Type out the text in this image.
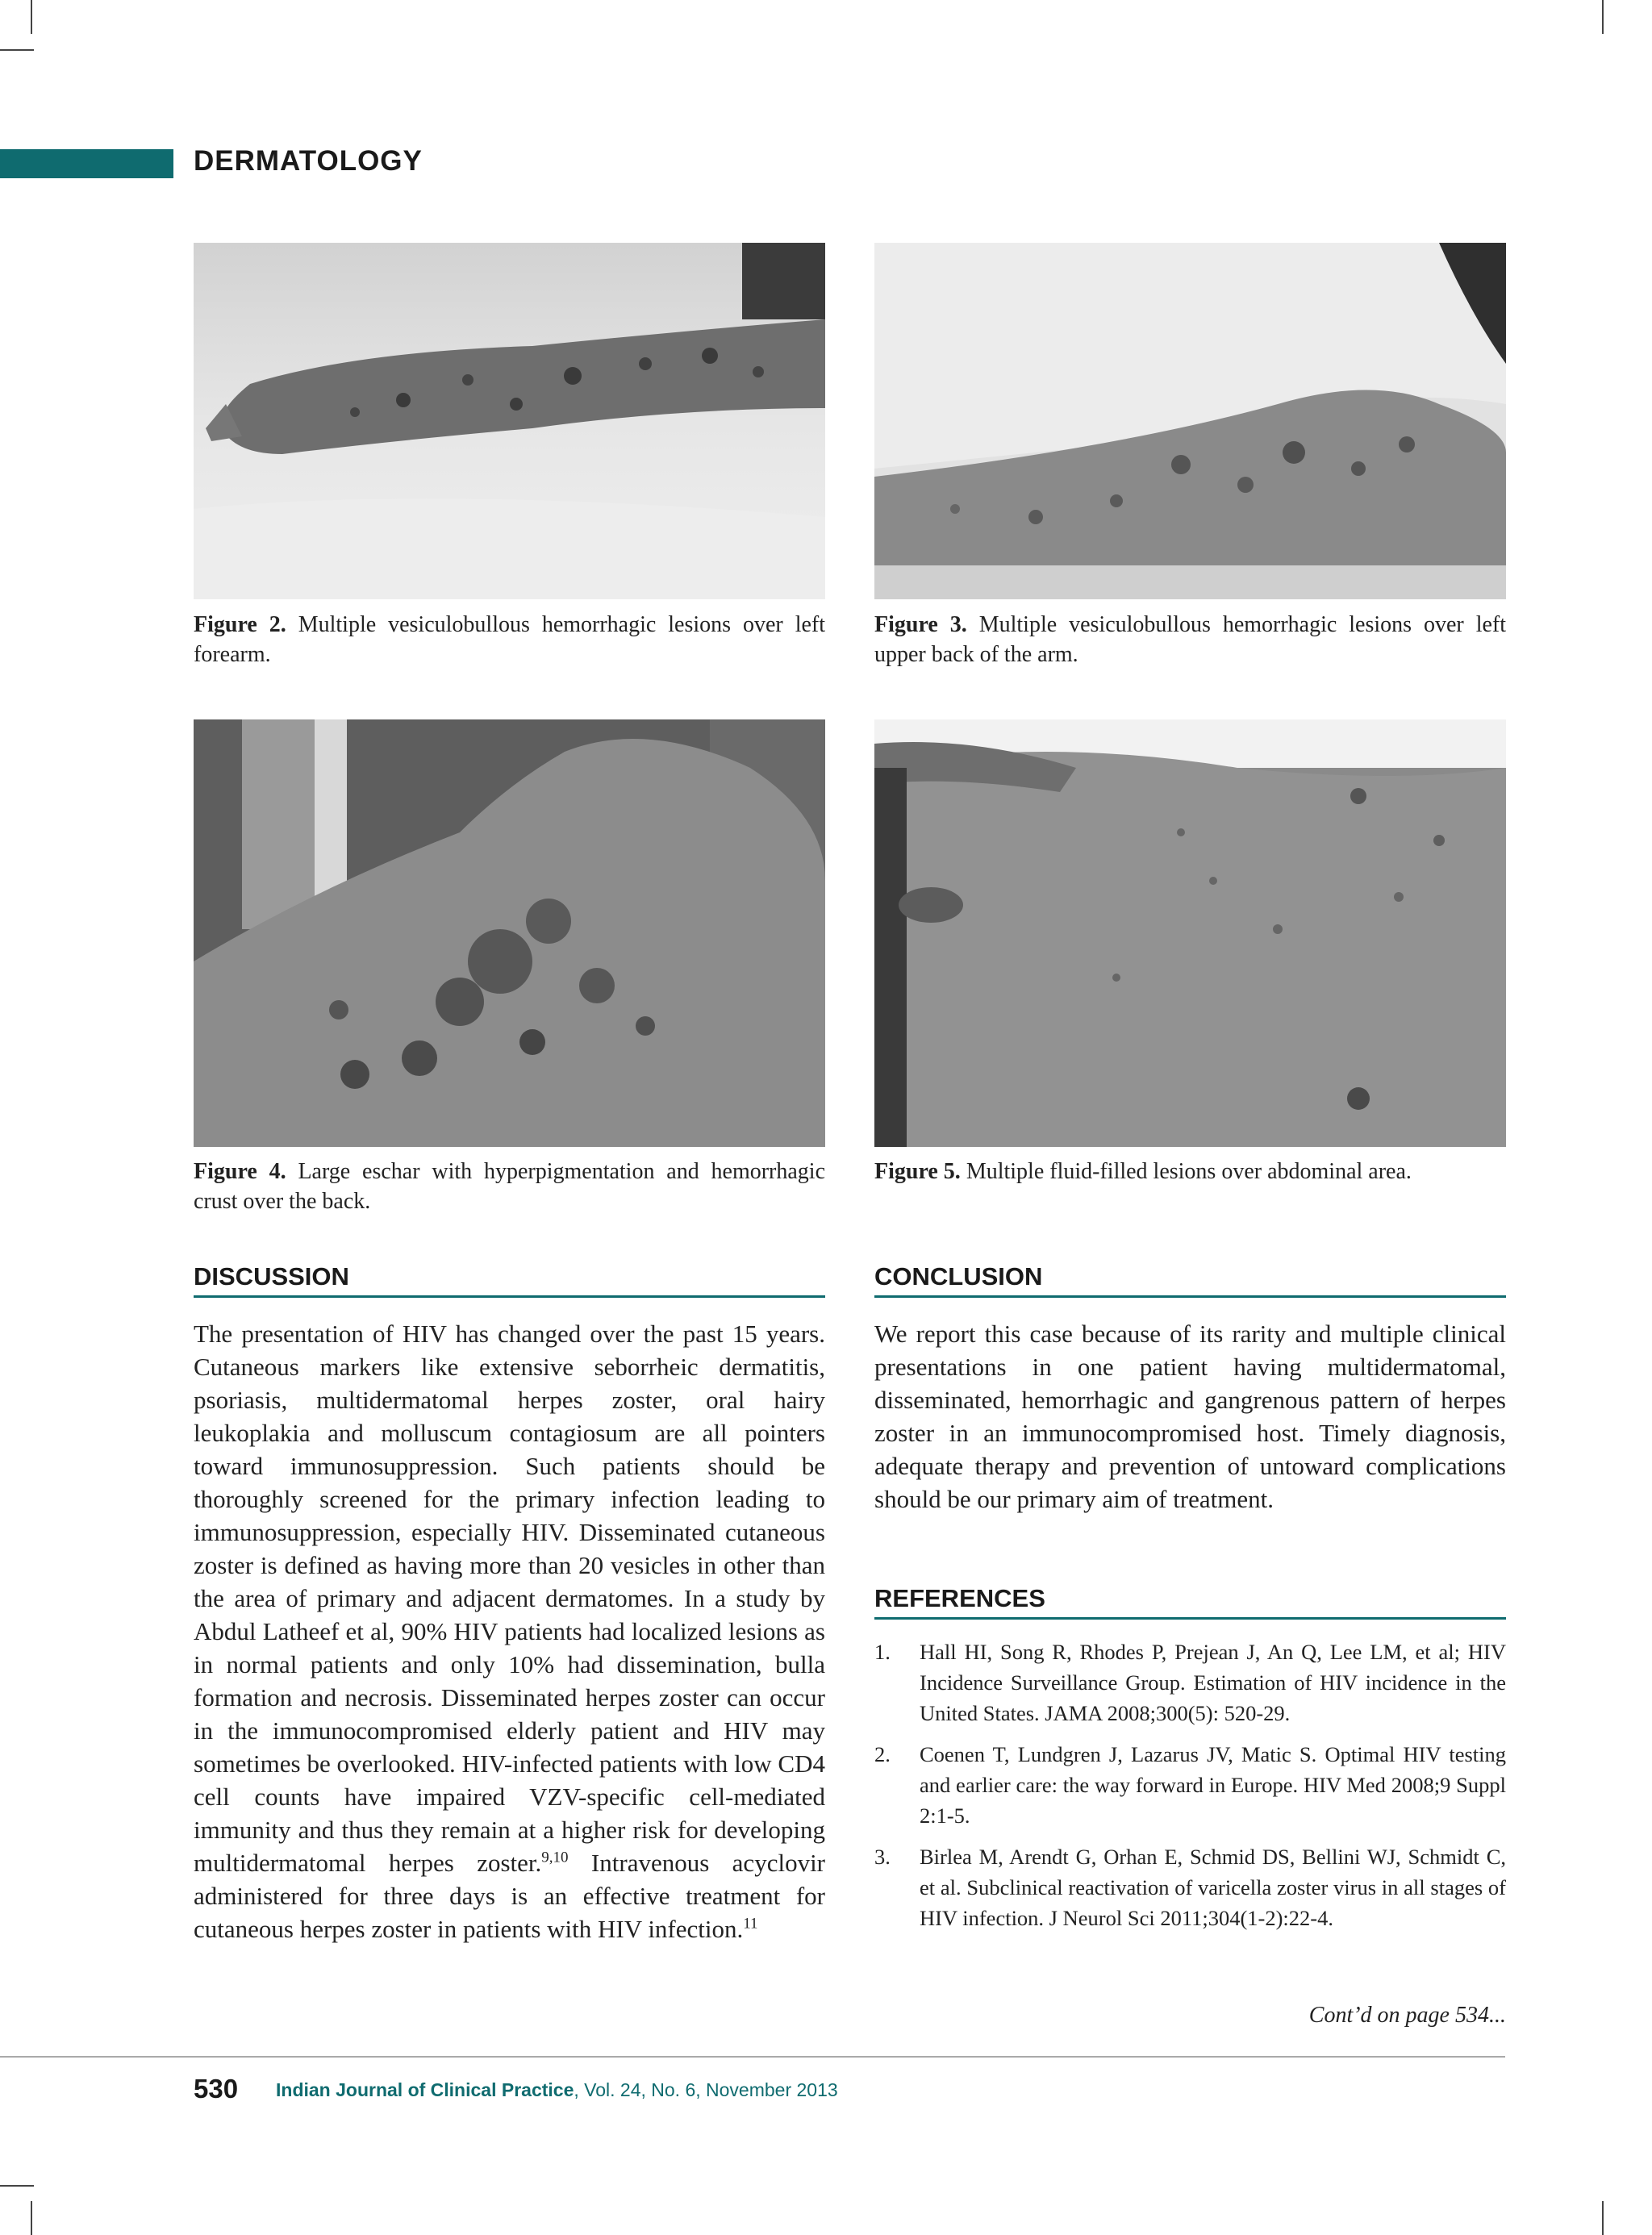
DERMATOLOGY
Figure 2. Multiple vesiculobullous hemorrhagic lesions over left forearm.
Figure 3. Multiple vesiculobullous hemorrhagic lesions over left upper back of the arm.
Figure 4. Large eschar with hyperpigmentation and hemorrhagic crust over the back.
Figure 5. Multiple fluid-filled lesions over abdominal area.
DISCUSSION
The presentation of HIV has changed over the past 15 years. Cutaneous markers like extensive seborrheic dermatitis, psoriasis, multidermatomal herpes zoster, oral hairy leukoplakia and molluscum contagiosum are all pointers toward immunosuppression. Such patients should be thoroughly screened for the primary infection leading to immunosuppression, especially HIV. Disseminated cutaneous zoster is defined as having more than 20 vesicles in other than the area of primary and adjacent dermatomes. In a study by Abdul Latheef et al, 90% HIV patients had localized lesions as in normal patients and only 10% had dissemination, bulla formation and necrosis. Disseminated herpes zoster can occur in the immunocompromised elderly patient and HIV may sometimes be overlooked. HIV-infected patients with low CD4 cell counts have impaired VZV-specific cell-mediated immunity and thus they remain at a higher risk for developing multidermatomal herpes zoster.$^{9,10}$ Intravenous acyclovir administered for three days is an effective treatment for cutaneous herpes zoster in patients with HIV infection.$^{11}$
CONCLUSION
We report this case because of its rarity and multiple clinical presentations in one patient having multidermatomal, disseminated, hemorrhagic and gangrenous pattern of herpes zoster in an immunocompromised host. Timely diagnosis, adequate therapy and prevention of untoward complications should be our primary aim of treatment.
REFERENCES
1.	Hall HI, Song R, Rhodes P, Prejean J, An Q, Lee LM, et al; HIV Incidence Surveillance Group. Estimation of HIV incidence in the United States. JAMA 2008;300(5): 520-29.
2.	Coenen T, Lundgren J, Lazarus JV, Matic S. Optimal HIV testing and earlier care: the way forward in Europe. HIV Med 2008;9 Suppl 2:1-5.
3.	Birlea M, Arendt G, Orhan E, Schmid DS, Bellini WJ, Schmidt C, et al. Subclinical reactivation of varicella zoster virus in all stages of HIV infection. J Neurol Sci 2011;304(1-2):22-4.
Cont’d on page 534...
530 Indian Journal of Clinical Practice, Vol. 24, No. 6, November 2013
